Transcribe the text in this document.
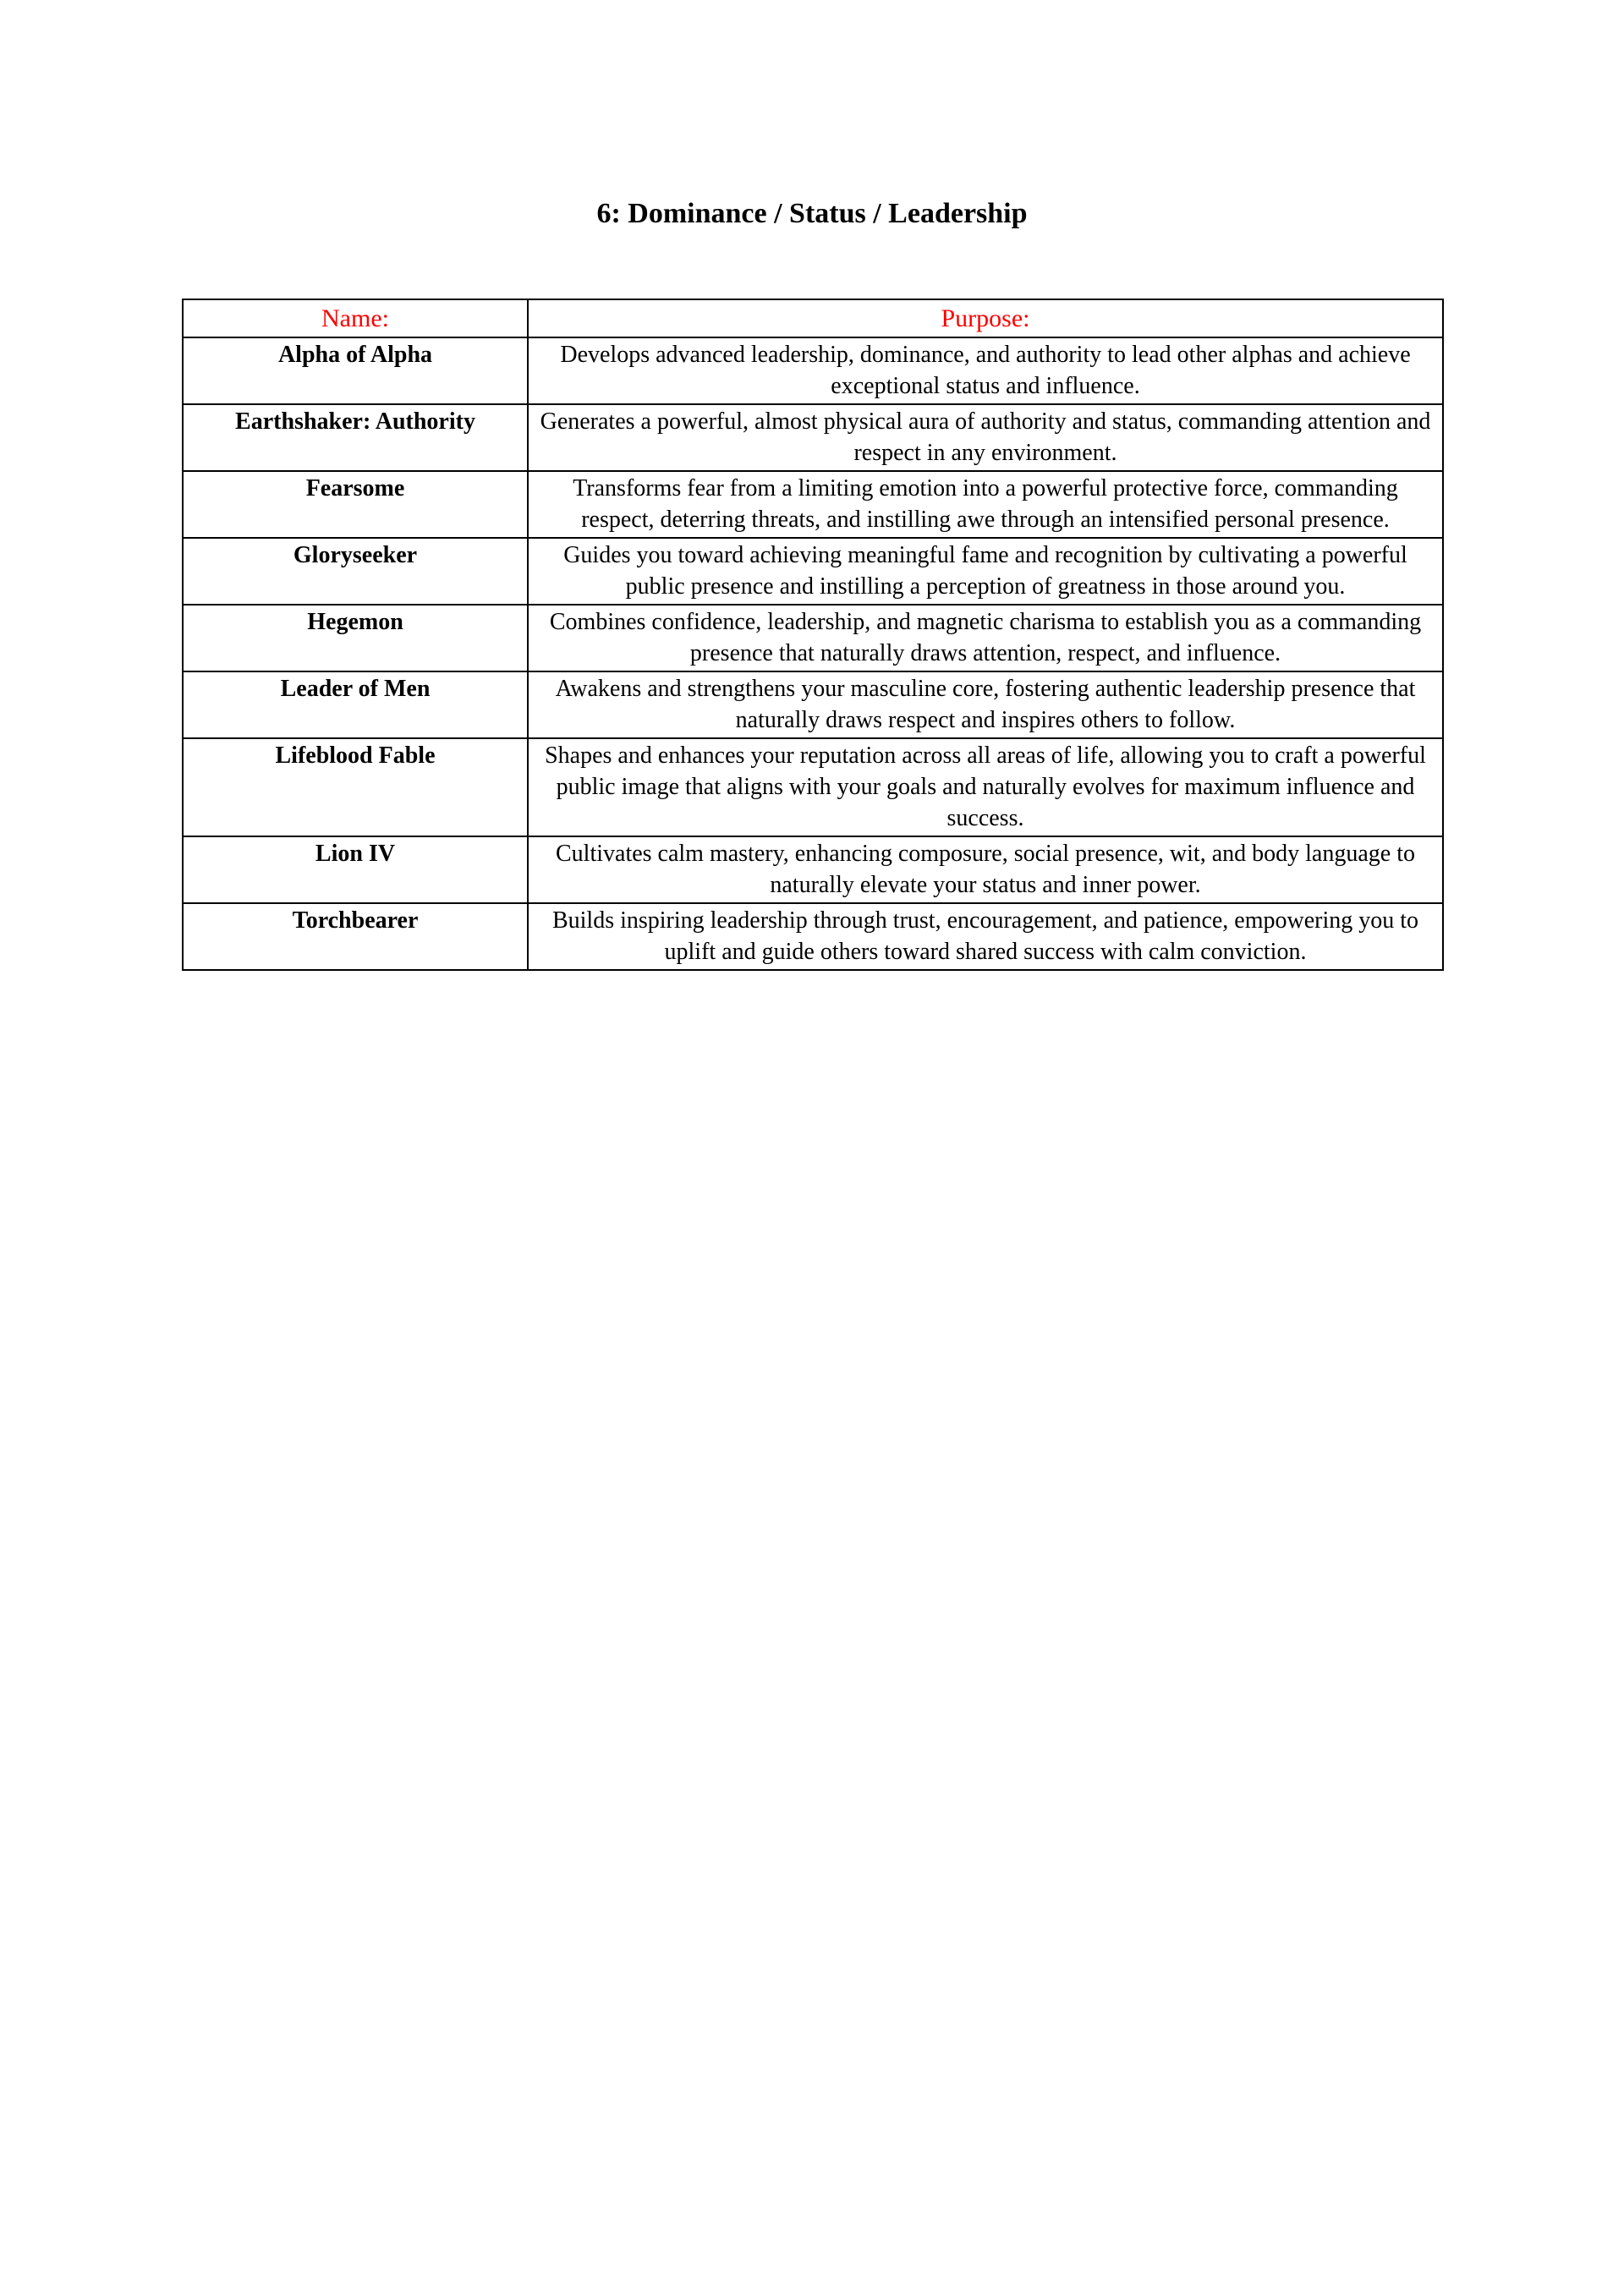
6: Dominance / Status / Leadership
Name:	Purpose:
Alpha of Alpha	Develops advanced leadership, dominance, and authority to lead other alphas and achieve exceptional status and influence.
Earthshaker: Authority	Generates a powerful, almost physical aura of authority and status, commanding attention and respect in any environment.
Fearsome	Transforms fear from a limiting emotion into a powerful protective force, commanding respect, deterring threats, and instilling awe through an intensified personal presence.
Gloryseeker	Guides you toward achieving meaningful fame and recognition by cultivating a powerful public presence and instilling a perception of greatness in those around you.
Hegemon	Combines confidence, leadership, and magnetic charisma to establish you as a commanding presence that naturally draws attention, respect, and influence.
Leader of Men	Awakens and strengthens your masculine core, fostering authentic leadership presence that naturally draws respect and inspires others to follow.
Lifeblood Fable	Shapes and enhances your reputation across all areas of life, allowing you to craft a powerful public image that aligns with your goals and naturally evolves for maximum influence and success.
Lion IV	Cultivates calm mastery, enhancing composure, social presence, wit, and body language to naturally elevate your status and inner power.
Torchbearer	Builds inspiring leadership through trust, encouragement, and patience, empowering you to uplift and guide others toward shared success with calm conviction.
